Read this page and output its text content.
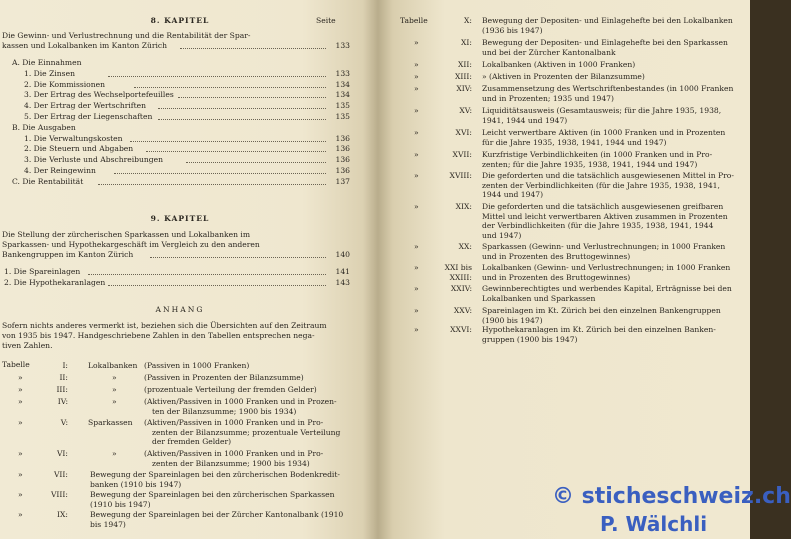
8. KAPITEL	Seite
Die Gewinn- und Verlustrechnung und die Rentabilität der Spar-
kassen und Lokalbanken im Kanton Zürich	133
9. KAPITEL
Die Stellung der zürcherischen Sparkassen und Lokalbanken im
Sparkassen- und Hypothekargeschäft im Vergleich zu den anderen
Bankengruppen im Kanton Zürich	140
ANHANG
Sofern nichts anderes vermerkt ist, beziehen sich die Übersichten auf den Zeitraum
von 1935 bis 1947. Handgeschriebene Zahlen in den Tabellen entsprechen nega-
tiven Zahlen.
Tabelle
A. Die Einnahmen
1. Die Zinsen	133
2. Die Kommissionen	134
3. Der Ertrag des Wechselportefeuilles	134
4. Der Ertrag der Wertschriften	135
5. Der Ertrag der Liegenschaften	135
B. Die Ausgaben
1. Die Verwaltungskosten	136
2. Die Steuern und Abgaben	136
3. Die Verluste und Abschreibungen	136
4. Der Reingewinn	136
C. Die Rentabilität	137
1. Die Spareinlagen	141
2. Die Hypothekaranlagen	143
I:	Lokalbanken (Passiven in 1000 Franken)
»	II:	»	(Passiven in Prozenten der Bilanzsumme)
»	III:	»	(prozentuale Verteilung der fremden Gelder)
»	IV:	»	(Aktiven/Passiven in 1000 Franken und in Prozen-
ten der Bilanzsumme; 1900 bis 1934)
»	V:	Sparkassen (Aktiven/Passiven in 1000 Franken und in Pro-
zenten der Bilanzsumme; prozentuale Verteilung
der fremden Gelder)
»	VI:	»	(Aktiven/Passiven in 1000 Franken und in Pro-
zenten der Bilanzsumme; 1900 bis 1934)
»	VII:	Bewegung der Spareinlagen bei den zürcherischen Bodenkredit-
banken (1910 bis 1947)
»	VIII:	Bewegung der Spareinlagen bei den zürcherischen Sparkassen
(1910 bis 1947)
»	IX:	Bewegung der Spareinlagen bei der Zürcher Kantonalbank (1910
bis 1947)
Tabelle
© sticheschweiz.ch
P. Wälchli
X: Bewegung der Depositen- und Einlagehefte bei den Lokalbanken
(1936 bis 1947)
»	XI: Bewegung der Depositen- und Einlagehefte bei den Sparkassen
und bei der Zürcher Kantonalbank
»	XII: Lokalbanken (Aktiven in 1000 Franken)
»	XIII: » (Aktiven in Prozenten der Bilanzsumme)
»	XIV: Zusammensetzung des Wertschriftenbestandes (in 1000 Franken
und in Prozenten; 1935 und 1947)
»	XV: Liquiditätsausweis (Gesamtausweis; für die Jahre 1935, 1938,
1941, 1944 und 1947)
»	XVI: Leicht verwertbare Aktiven (in 1000 Franken und in Prozenten
für die Jahre 1935, 1938, 1941, 1944 und 1947)
»	XVII: Kurzfristige Verbindlichkeiten (in 1000 Franken und in Pro-
zenten; für die Jahre 1935, 1938, 1941, 1944 und 1947)
»	XVIII: Die geforderten und die tatsächlich ausgewiesenen Mittel in Pro-
zenten der Verbindlichkeiten (für die Jahre 1935, 1938, 1941,
1944 und 1947)
»	XIX: Die geforderten und die tatsächlich ausgewiesenen greifbaren
Mittel und leicht verwertbaren Aktiven zusammen in Prozenten
der Verbindlichkeiten (für die Jahre 1935, 1938, 1941, 1944
und 1947)
»	XX: Sparkassen (Gewinn- und Verlustrechnungen; in 1000 Franken
und in Prozenten des Bruttogewinnes)
»	XXI bis
XXIII:
Lokalbanken (Gewinn- und Verlustrechnungen; in 1000 Franken
und in Prozenten des Bruttogewinnes)
»	XXIV: Gewinnberechtigtes und werbendes Kapital, Erträgnisse bei den
Lokalbanken und Sparkassen
»	XXV: Spareinlagen im Kt. Zürich bei den einzelnen Bankengruppen
(1900 bis 1947)
»	XXVI: Hypothekaranlagen im Kt. Zürich bei den einzelnen Banken-
gruppen (1900 bis 1947)
